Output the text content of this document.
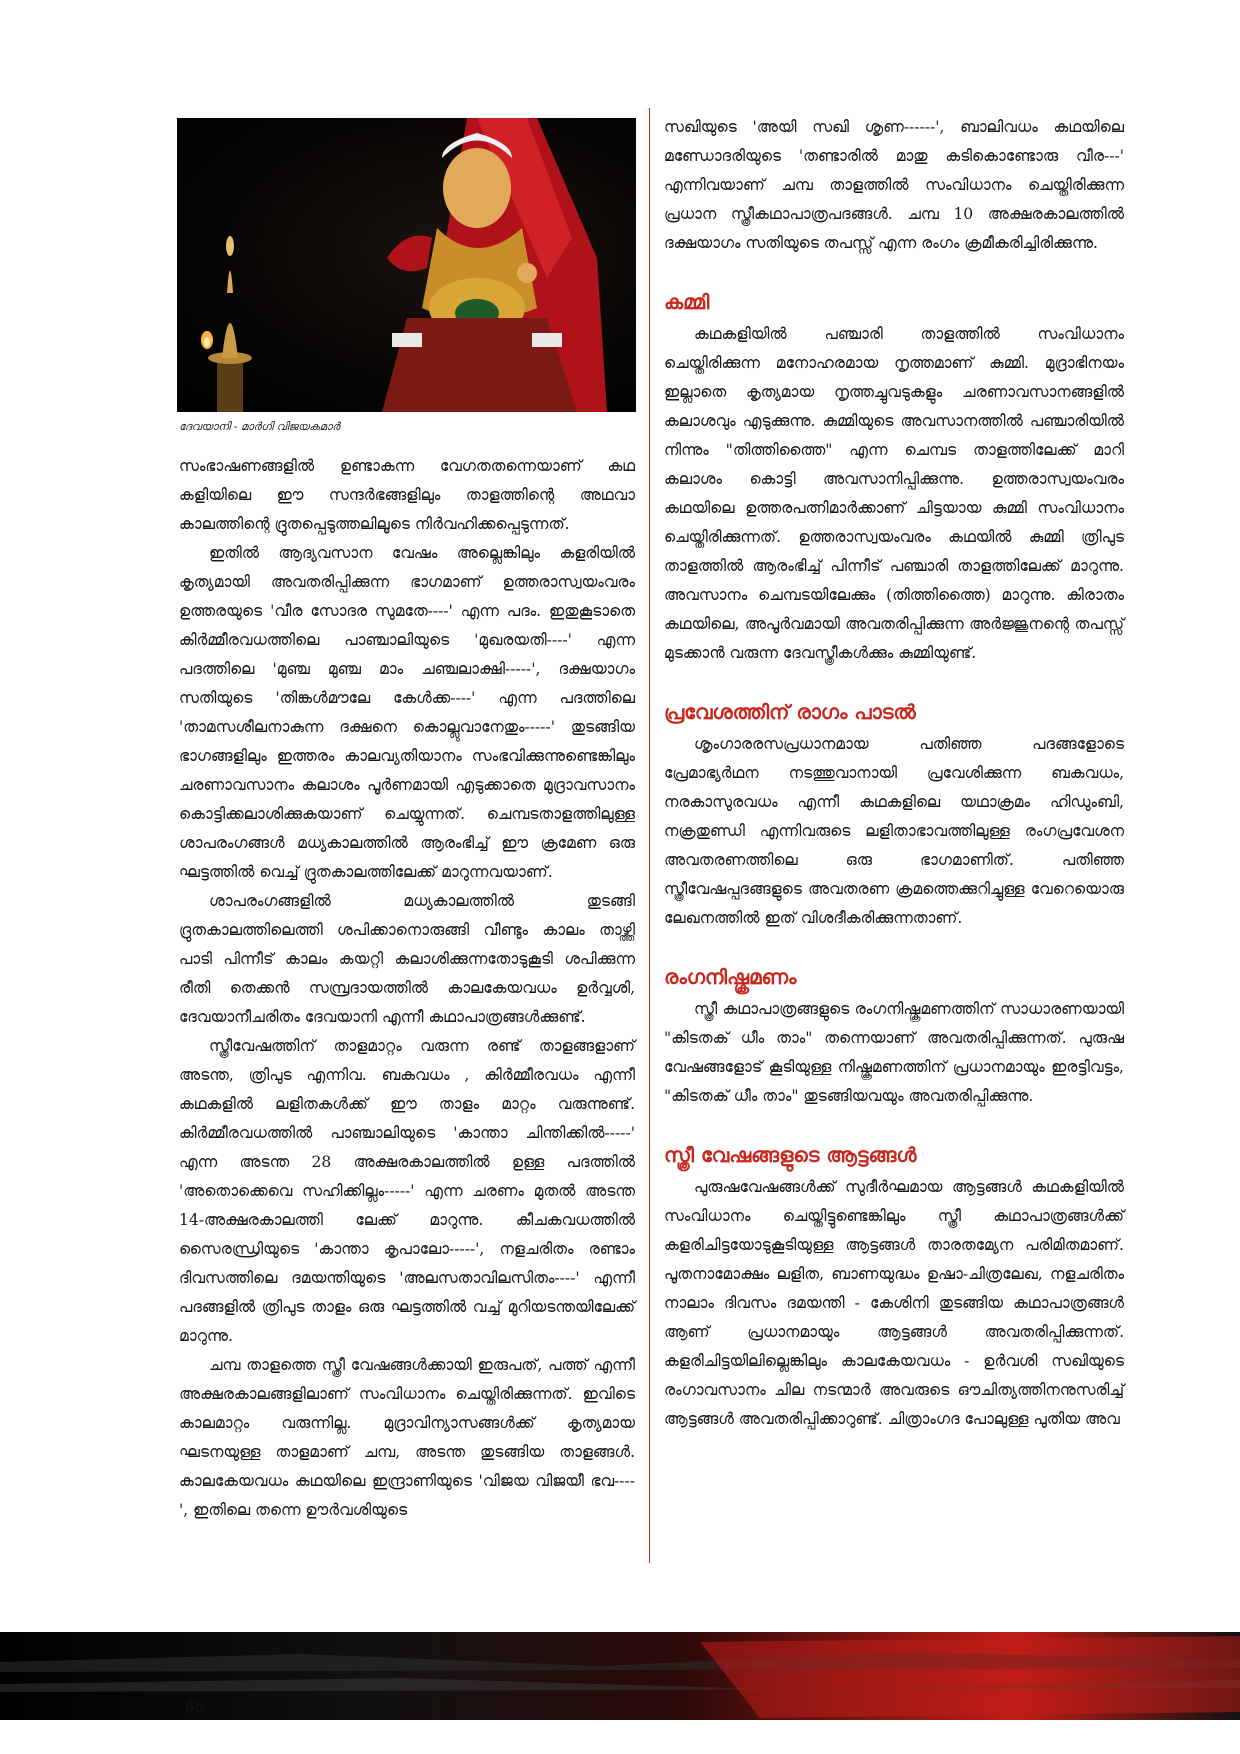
ദേവയാനി - മാർഗി വിജയകമാർ

സംഭാഷണങ്ങളിൽ ഉണ്ടാകന്ന വേഗതതന്നെയാണ് കഥ കളിയിലെ ഈ സന്ദർഭങ്ങളിലും താളത്തിന്റെ അഥവാ കാലത്തിന്റെ ദ്രുതപ്പെടുത്തലിലൂടെ നിർവഹിക്കപ്പെടുന്നത്.

ഇതിൽ ആദ്യവസാന വേഷം അല്ലെങ്കിലും കളരിയിൽ കൃത്യമായി അവതരിപ്പിക്കുന്ന ഭാഗമാണ് ഉത്തരാസ്വയംവരം ഉത്തരയുടെ 'വീര സോദര സുമതേ----' എന്ന പദം. ഇതുകൂടാതെ കിർമ്മീരവധത്തിലെ പാഞ്ചാലിയുടെ 'മുഖരയതി----' എന്ന പദത്തിലെ 'മുഞ്ച മുഞ്ച മാം ചഞ്ചലാക്ഷി-----', ദക്ഷയാഗം സതിയുടെ 'തിങ്കൾമൗലേ കേൾക്ക----' എന്ന പദത്തിലെ 'താമസശീലനാകുന്ന ദക്ഷനെ കൊല്ലുവാനേതും-----' തുടങ്ങിയ ഭാഗങ്ങളിലും ഇത്തരം കാലവ്യതിയാനം സംഭവിക്കുന്നുണ്ടെങ്കിലും ചരണാവസാനം കലാശം പൂർണമായി എടുക്കാതെ മുദ്രാവസാനം കൊട്ടിക്കലാശിക്കുകയാണ് ചെയ്യുന്നത്. ചെമ്പടതാളത്തിലുള്ള ശാപരംഗങ്ങൾ മധ്യകാലത്തിൽ ആരംഭിച്ച് ഈ ക്രമേണ ഒരു ഘട്ടത്തിൽ വെച്ച് ദ്രുതകാലത്തിലേക്ക് മാറുന്നവയാണ്.

ശാപരംഗങ്ങളിൽ മധ്യകാലത്തിൽ തുടങ്ങി ദ്രുതകാലത്തിലെത്തി ശപിക്കാനൊരുങ്ങി വീണ്ടും കാലം താഴ്ത്തി പാടി പിന്നീട് കാലം കയറ്റി കലാശിക്കുന്നതോടുകൂടി ശപിക്കുന്ന രീതി തെക്കൻ സമ്പ്രദായത്തിൽ കാലകേയവധം ഉർവ്വശി, ദേവയാനീചരിതം ദേവയാനി എന്നീ കഥാപാത്രങ്ങൾക്കുണ്ട്.

സ്ത്രീവേഷത്തിന് താളമാറ്റം വരുന്ന രണ്ട് താളങ്ങളാണ് അടന്ത, ത്രിപുട എന്നിവ. ബകവധം , കിർമ്മീരവധം എന്നീ കഥകളിൽ ലളിതകൾക്ക് ഈ താളം മാറ്റം വരുന്നുണ്ട്. കിർമ്മീരവധത്തിൽ പാഞ്ചാലിയുടെ 'കാന്താ ചിന്തിക്കിൽ-----' എന്ന അടന്ത 28 അക്ഷരകാലത്തിൽ ഉള്ള പദത്തിൽ 'അതൊക്കെവെ സഹിക്കില്ലം-----' എന്ന ചരണം മുതൽ അടന്ത 14-അക്ഷരകാലത്തി ലേക്ക് മാറുന്നു. കീചകവധത്തിൽ സൈരന്ധ്രിയുടെ 'കാന്താ കൃപാലോ-----', നളചരിതം രണ്ടാം ദിവസത്തിലെ ദമയന്തിയുടെ 'അലസതാവിലസിതം----' എന്നീ പദങ്ങളിൽ ത്രിപുട താളം ഒരു ഘട്ടത്തിൽ വച്ച് മുറിയടന്തയിലേക്ക് മാറുന്നു.

ചമ്പ താളത്തെ സ്ത്രീ വേഷങ്ങൾക്കായി ഇരുപത്, പത്ത് എന്നീ അക്ഷരകാലങ്ങളിലാണ് സംവിധാനം ചെയ്തിരിക്കുന്നത്. ഇവിടെ കാലമാറ്റം വരുന്നില്ല. മുദ്രാവിന്യാസങ്ങൾക്ക് കൃത്യമായ ഘടനയുള്ള താളമാണ് ചമ്പ, അടന്ത തുടങ്ങിയ താളങ്ങൾ. കാലകേയവധം കഥയിലെ ഇന്ദ്രാണിയുടെ 'വിജയ വിജയീ ഭവ----', ഇതിലെ തന്നെ ഊർവശിയുടെ

സഖിയുടെ 'അയി സഖി ശൃണ------', ബാലിവധം കഥയിലെ മണ്ഡോദരിയുടെ 'തണ്ടാരിൽ മാതു കടികൊണ്ടോരു വീര---' എന്നിവയാണ് ചമ്പ താളത്തിൽ സംവിധാനം ചെയ്തിരിക്കുന്ന പ്രധാന സ്ത്രീകഥാപാത്രപദങ്ങൾ. ചമ്പ 10 അക്ഷരകാലത്തിൽ ദക്ഷയാഗം സതിയുടെ തപസ്സ് എന്ന രംഗം ക്രമീകരിച്ചിരിക്കുന്നു.

കമ്മി

കഥകളിയിൽ പഞ്ചാരി താളത്തിൽ സംവിധാനം ചെയ്തിരിക്കുന്ന മനോഹരമായ നൃത്തമാണ് കുമ്മി. മുദ്രാഭിനയം ഇല്ലാതെ കൃത്യമായ നൃത്തച്ചുവടുകളും ചരണാവസാനങ്ങളിൽ കലാശവും എടുക്കുന്നു. കുമ്മിയുടെ അവസാനത്തിൽ പഞ്ചാരിയിൽ നിന്നും "തിത്തിത്തൈ" എന്ന ചെമ്പട താളത്തിലേക്ക് മാറി കലാശം കൊട്ടി അവസാനിപ്പിക്കുന്നു. ഉത്തരാസ്വയംവരം കഥയിലെ ഉത്തരപത്നിമാർക്കാണ് ചിട്ടയായ കുമ്മി സംവിധാനം ചെയ്തിരിക്കുന്നത്. ഉത്തരാസ്വയംവരം കഥയിൽ കുമ്മി ത്രിപുട താളത്തിൽ ആരംഭിച്ച് പിന്നീട് പഞ്ചാരി താളത്തിലേക്ക് മാറുന്നു. അവസാനം ചെമ്പടയിലേക്കും (തിത്തിത്തൈ) മാറുന്നു. കിരാതം കഥയിലെ, അപൂർവമായി അവതരിപ്പിക്കുന്ന അർജ്ജുനന്റെ തപസ്സ് മുടക്കാൻ വരുന്ന ദേവസ്ത്രീകൾക്കും കുമ്മിയുണ്ട്.

പ്രവേശത്തിന് രാഗം പാടൽ

ശൃംഗാരരസപ്രധാനമായ പതിഞ്ഞ പദങ്ങളോടെ പ്രേമാഭ്യർഥന നടത്തുവാനായി പ്രവേശിക്കുന്ന ബകവധം, നരകാസുരവധം എന്നീ കഥകളിലെ യഥാക്രമം ഹിഡുംബി, നക്രതുണ്ഡി എന്നിവരുടെ ലളിതാഭാവത്തിലുള്ള രംഗപ്രവേശന അവതരണത്തിലെ ഒരു ഭാഗമാണിത്. പതിഞ്ഞ സ്ത്രീവേഷപ്പദങ്ങളുടെ അവതരണ ക്രമത്തെക്കുറിച്ചുള്ള വേറെയൊരു ലേഖനത്തിൽ ഇത് വിശദീകരിക്കുന്നതാണ്.

രംഗനിഷ്ക്രമണം

സ്ത്രീ കഥാപാത്രങ്ങളുടെ രംഗനിഷ്ക്രമണത്തിന് സാധാരണയായി "കിടതക് ധീം താം" തന്നെയാണ് അവതരിപ്പിക്കുന്നത്. പുരുഷ വേഷങ്ങളോട് കൂടിയുള്ള നിഷ്ക്രമണത്തിന് പ്രധാനമായും ഇരട്ടിവട്ടം, "കിടതക് ധീം താം" തുടങ്ങിയവയും അവതരിപ്പിക്കുന്നു.

സ്ത്രീ വേഷങ്ങളുടെ ആട്ടങ്ങൾ

പുരുഷവേഷങ്ങൾക്ക് സുദീർഘമായ ആട്ടങ്ങൾ കഥകളിയിൽ സംവിധാനം ചെയ്തിട്ടുണ്ടെങ്കിലും സ്ത്രീ കഥാപാത്രങ്ങൾക്ക് കളരിചിട്ടയോടുകൂടിയുള്ള ആട്ടങ്ങൾ താരതമ്യേന പരിമിതമാണ്. പൂതനാമോക്ഷം ലളിത, ബാണയുദ്ധം ഉഷാ-ചിത്രലേഖ, നളചരിതം നാലാം ദിവസം ദമയന്തി - കേശിനി തുടങ്ങിയ കഥാപാത്രങ്ങൾ ആണ് പ്രധാനമായും ആട്ടങ്ങൾ അവതരിപ്പിക്കുന്നത്. കളരിചിട്ടയിലില്ലെങ്കിലും കാലകേയവധം - ഉർവശി സഖിയുടെ രംഗാവസാനം ചില നടന്മാർ അവരുടെ ഔചിത്യത്തിനനുസരിച്ച് ആട്ടങ്ങൾ അവതരിപ്പിക്കാറുണ്ട്. ചിത്രാംഗദ പോലുള്ള പുതിയ അവ

66
